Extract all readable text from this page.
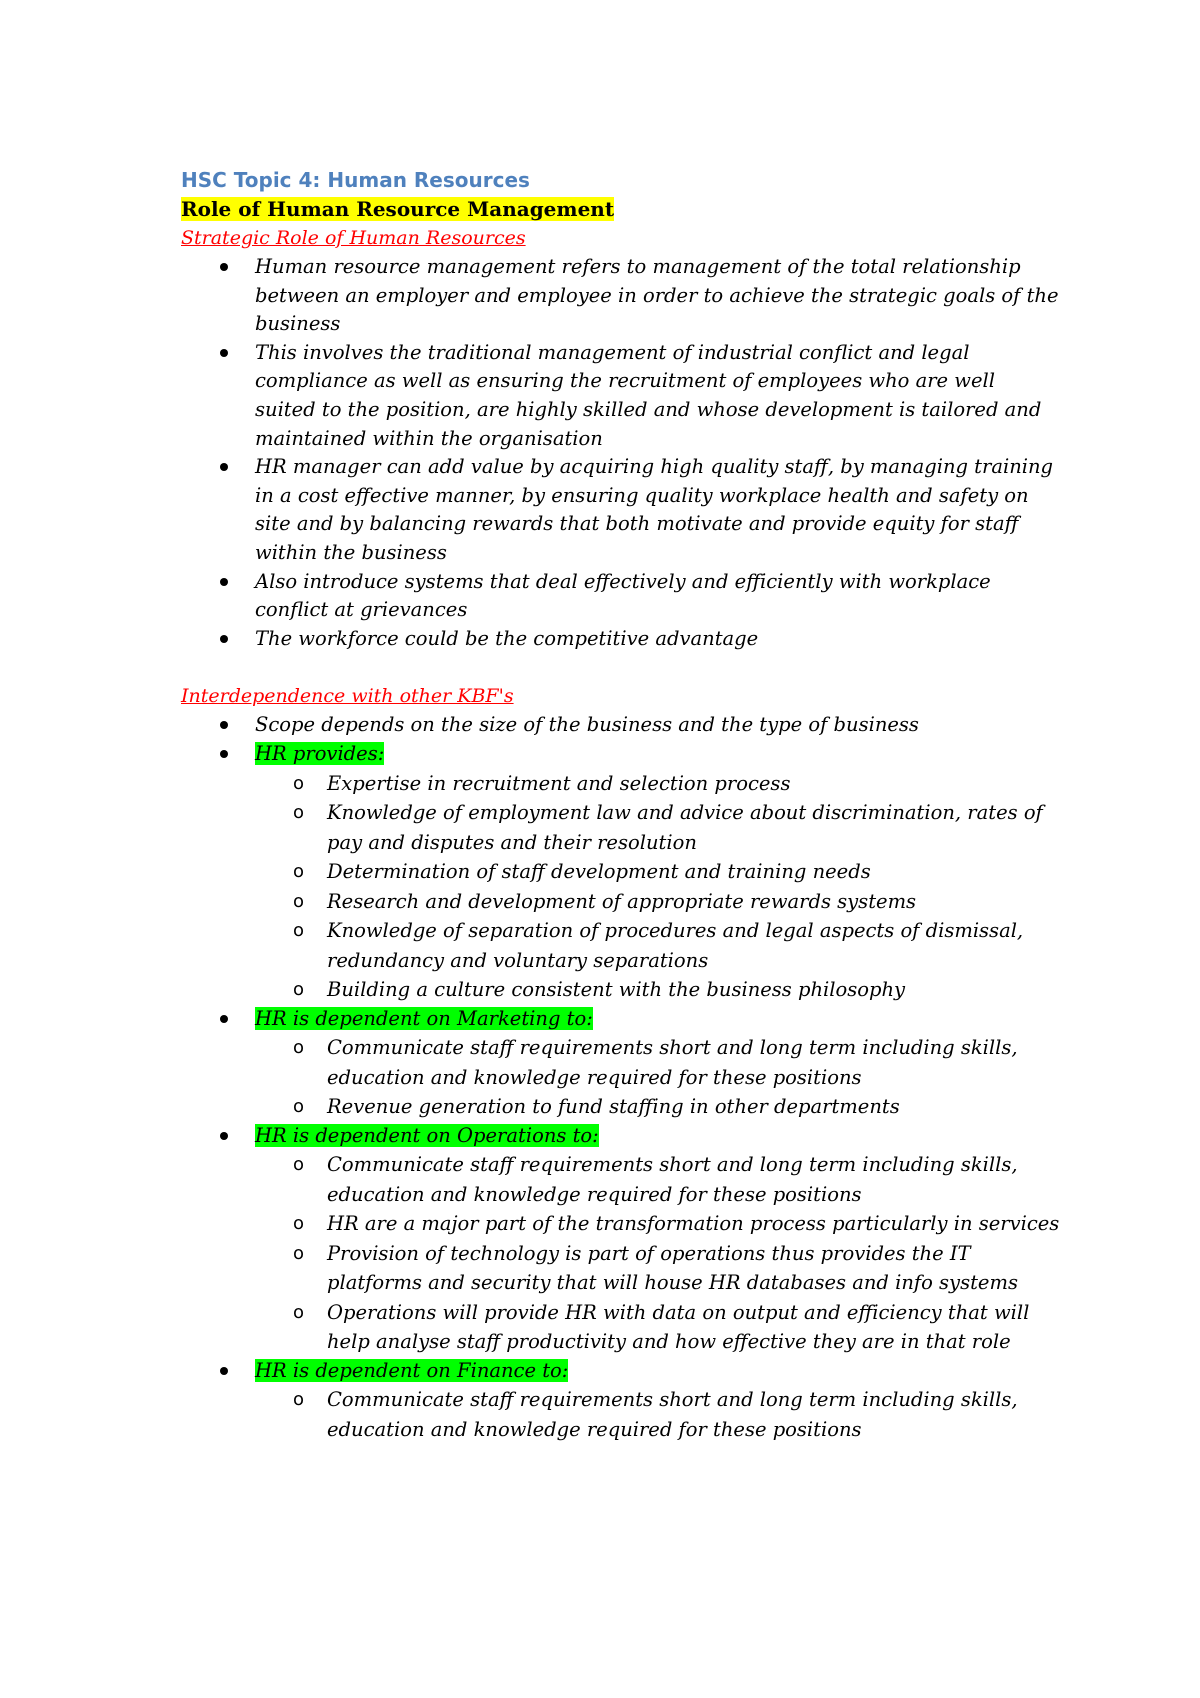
HSC Topic 4: Human Resources
Role of Human Resource Management
Strategic Role of Human Resources
Human resource management refers to management of the total relationship between an employer and employee in order to achieve the strategic goals of the business
This involves the traditional management of industrial conflict and legal compliance as well as ensuring the recruitment of employees who are well suited to the position, are highly skilled and whose development is tailored and maintained within the organisation
HR manager can add value by acquiring high quality staff, by managing training in a cost effective manner, by ensuring quality workplace health and safety on site and by balancing rewards that both motivate and provide equity for staff within the business
Also introduce systems that deal effectively and efficiently with workplace conflict at grievances
The workforce could be the competitive advantage
Interdependence with other KBF's
Scope depends on the size of the business and the type of business
HR provides:
o Expertise in recruitment and selection process
o Knowledge of employment law and advice about discrimination, rates of pay and disputes and their resolution
o Determination of staff development and training needs
o Research and development of appropriate rewards systems
o Knowledge of separation of procedures and legal aspects of dismissal, redundancy and voluntary separations
o Building a culture consistent with the business philosophy
HR is dependent on Marketing to:
o Communicate staff requirements short and long term including skills, education and knowledge required for these positions
o Revenue generation to fund staffing in other departments
HR is dependent on Operations to:
o Communicate staff requirements short and long term including skills, education and knowledge required for these positions
o HR are a major part of the transformation process particularly in services
o Provision of technology is part of operations thus provides the IT platforms and security that will house HR databases and info systems
o Operations will provide HR with data on output and efficiency that will help analyse staff productivity and how effective they are in that role
HR is dependent on Finance to:
o Communicate staff requirements short and long term including skills, education and knowledge required for these positions
